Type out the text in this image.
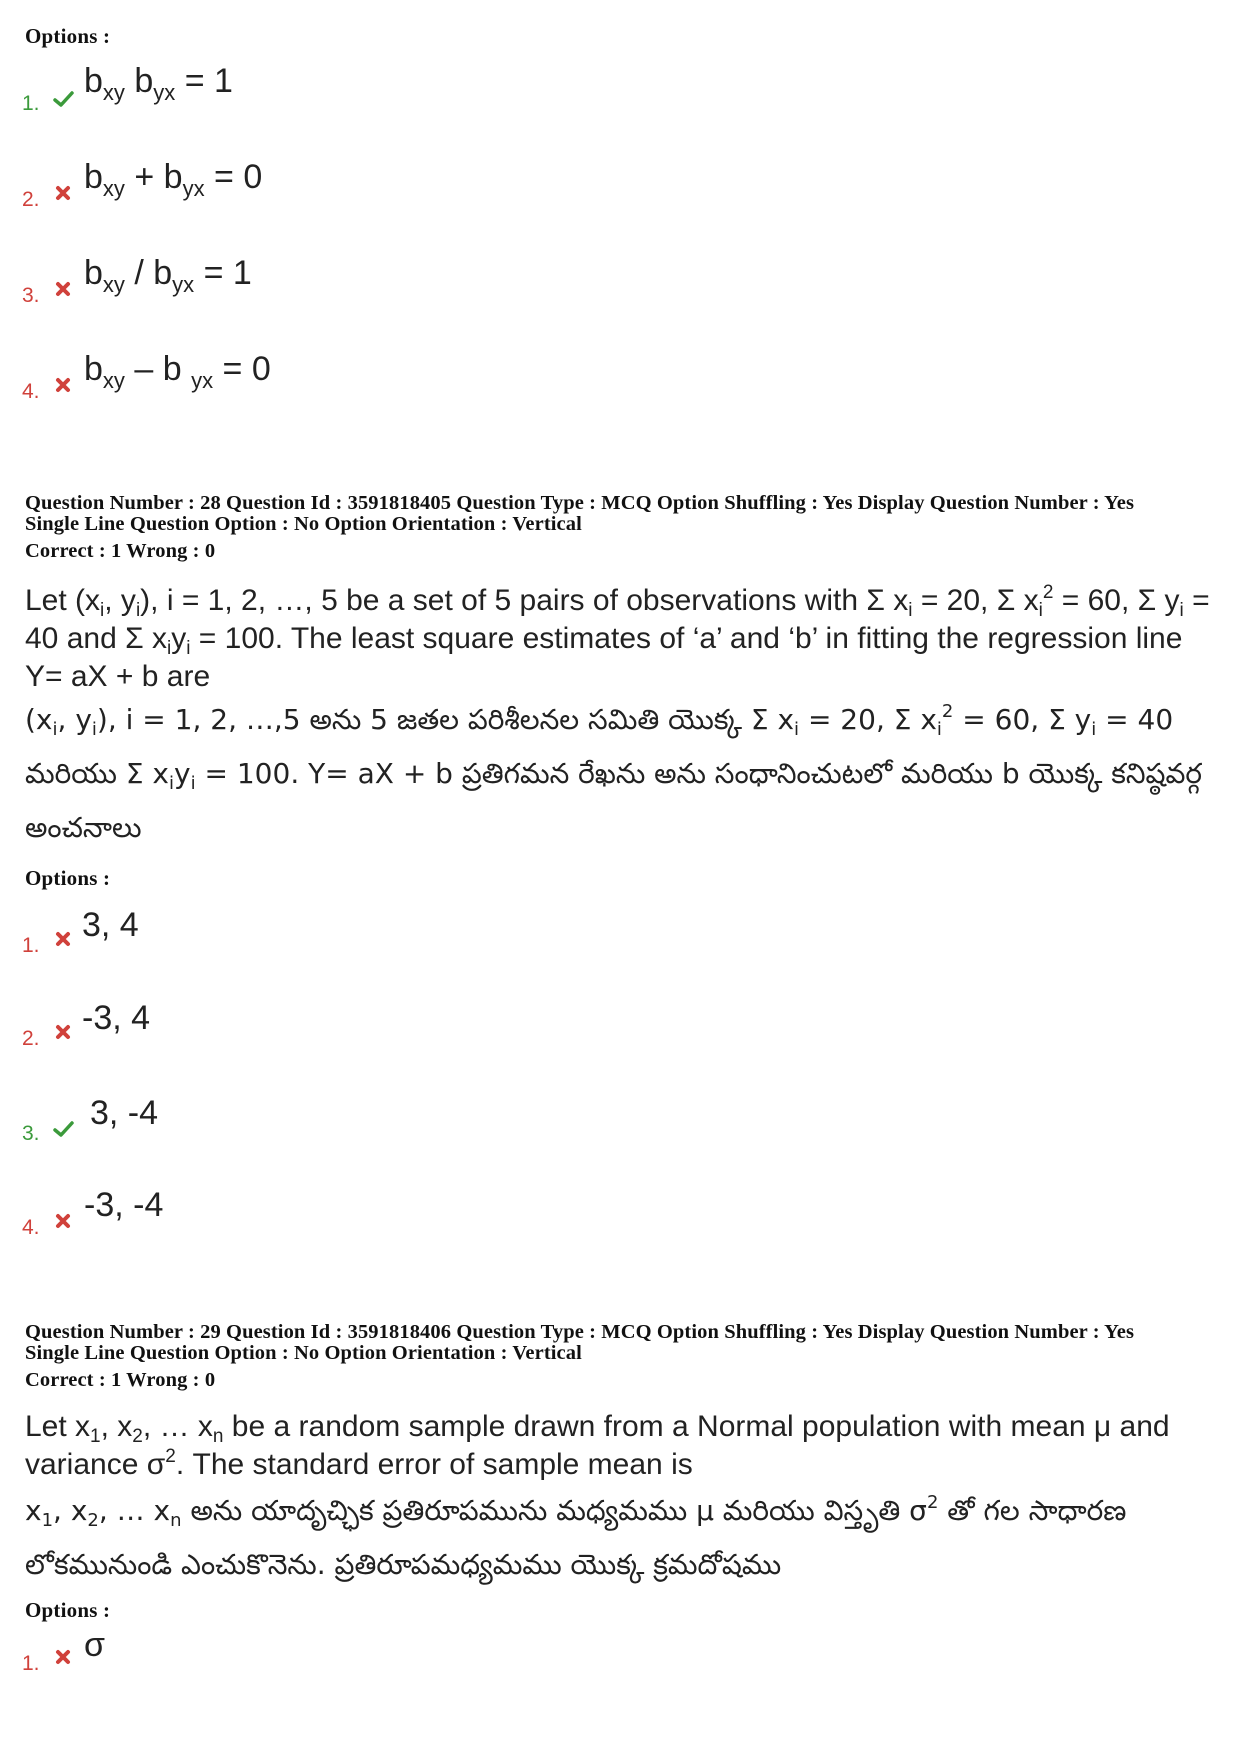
Options :
1.
$b_{xy}$ $b_{yx} = 1$
2.
$b_{xy} + b_{yx} = 0$
3.
$b_{xy} / b_{yx} = 1$
4.
$b_{xy}$ – b $_{yx}$ = 0
Question Number : 28 Question Id : 3591818405 Question Type : MCQ Option Shuffling : Yes Display Question Number : Yes
Single Line Question Option : No Option Orientation : Vertical
Correct : 1 Wrong : 0
Let ($x_i$, $y_i$), i = 1, 2, …, 5 be a set of 5 pairs of observations with Σ $x_i = 20$, Σ $x_i^2 = 60$, Σ $y_i = 40$ and Σ $x_iy_i = 100$. The least square estimates of ‘a’ and ‘b’ in fitting the regression line Y= aX + b are
($x_i$, $y_i$), i = 1, 2, …,5 అను 5 జతల పరిశీలనల సమితి యొక్క Σ $x_i = 20$, Σ $x_i^2 = 60$, Σ $y_i = 40$ మరియు Σ $x_iy_i = 100$. Y= aX + b ప్రతిగమన రేఖను అను సంధానించుటలో మరియు b యొక్క కనిష్ఠవర్గ అంచనాలు
Options :
1.
3, 4
2.
-3, 4
3.
3, -4
4.
-3, -4
Question Number : 29 Question Id : 3591818406 Question Type : MCQ Option Shuffling : Yes Display Question Number : Yes
Single Line Question Option : No Option Orientation : Vertical
Correct : 1 Wrong : 0
Let $x_1$, $x_2$, … $x_n$ be a random sample drawn from a Normal population with mean μ and variance $\sigma^2$. The standard error of sample mean is
$x_1$, $x_2$, … $x_n$ అను యాదృచ్ఛిక ప్రతిరూపమును మధ్యమము μ మరియు విస్తృతి $\sigma^2$ తో గల సాధారణ లోకమునుండి ఎంచుకొనెను. ప్రతిరూపమధ్యమము యొక్క క్రమదోషము
Options :
1. σ
